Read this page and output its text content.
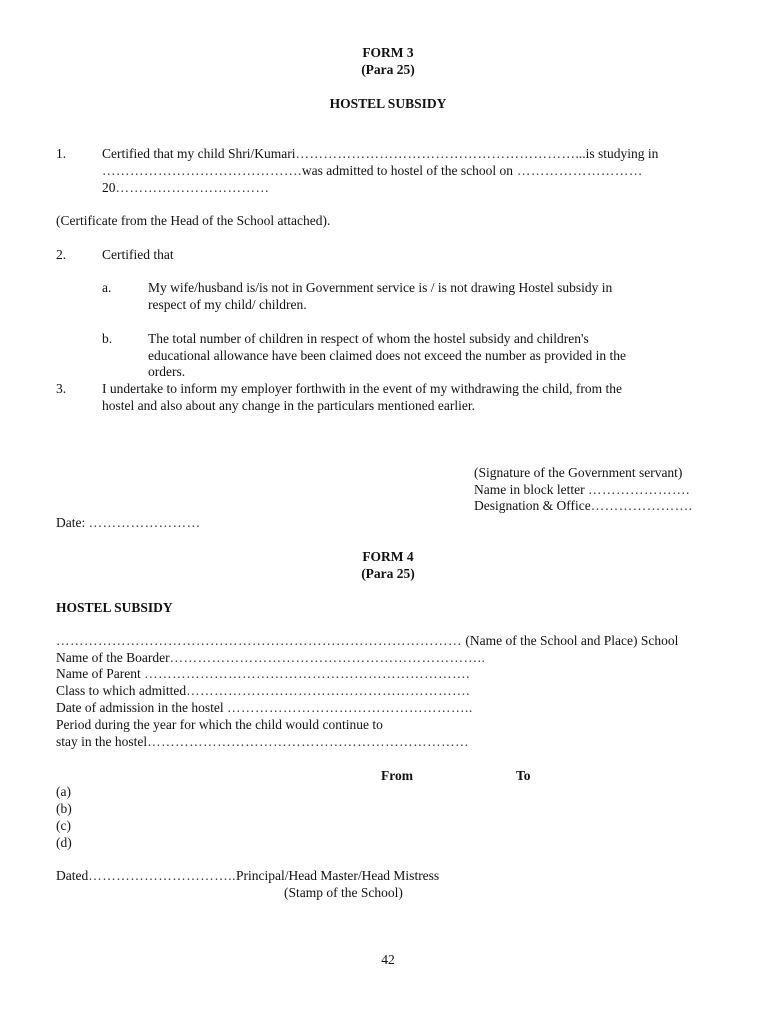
FORM 3
(Para 25)
HOSTEL SUBSIDY
1.	Certified that my child Shri/Kumari……………………………………………………...is studying in
…………………………………….was admitted to hostel of the school on ………………………
20……………………………
(Certificate from the Head of the School attached).
2.	Certified that
a.	My wife/husband is/is not in Government service is / is not drawing Hostel subsidy in
respect of my child/ children.
b.	The total number of children in respect of whom the hostel subsidy and children's
educational allowance have been claimed does not exceed the number as provided in the
orders.
3.	I undertake to inform my employer forthwith in the event of my withdrawing the child, from the
hostel and also about any change in the particulars mentioned earlier.
(Signature of the Government servant)
Name in block letter ………………….
Designation & Office………………….
Date: ……………………
FORM 4
(Para 25)
HOSTEL SUBSIDY
…………………………………………………………………………… (Name of the School and Place) School
Name of the Boarder…………………………………………………………..
Name of Parent …………………………………………………………….
Class to which admitted…………………………………………………….
Date of admission in the hostel ……………………………………………..
Period during the year for which the child would continue to
stay in the hostel……………………………………………………………
From	To
(a)
(b)
(c)
(d)
Dated…………………………..Principal/Head Master/Head Mistress
(Stamp of the School)
42
